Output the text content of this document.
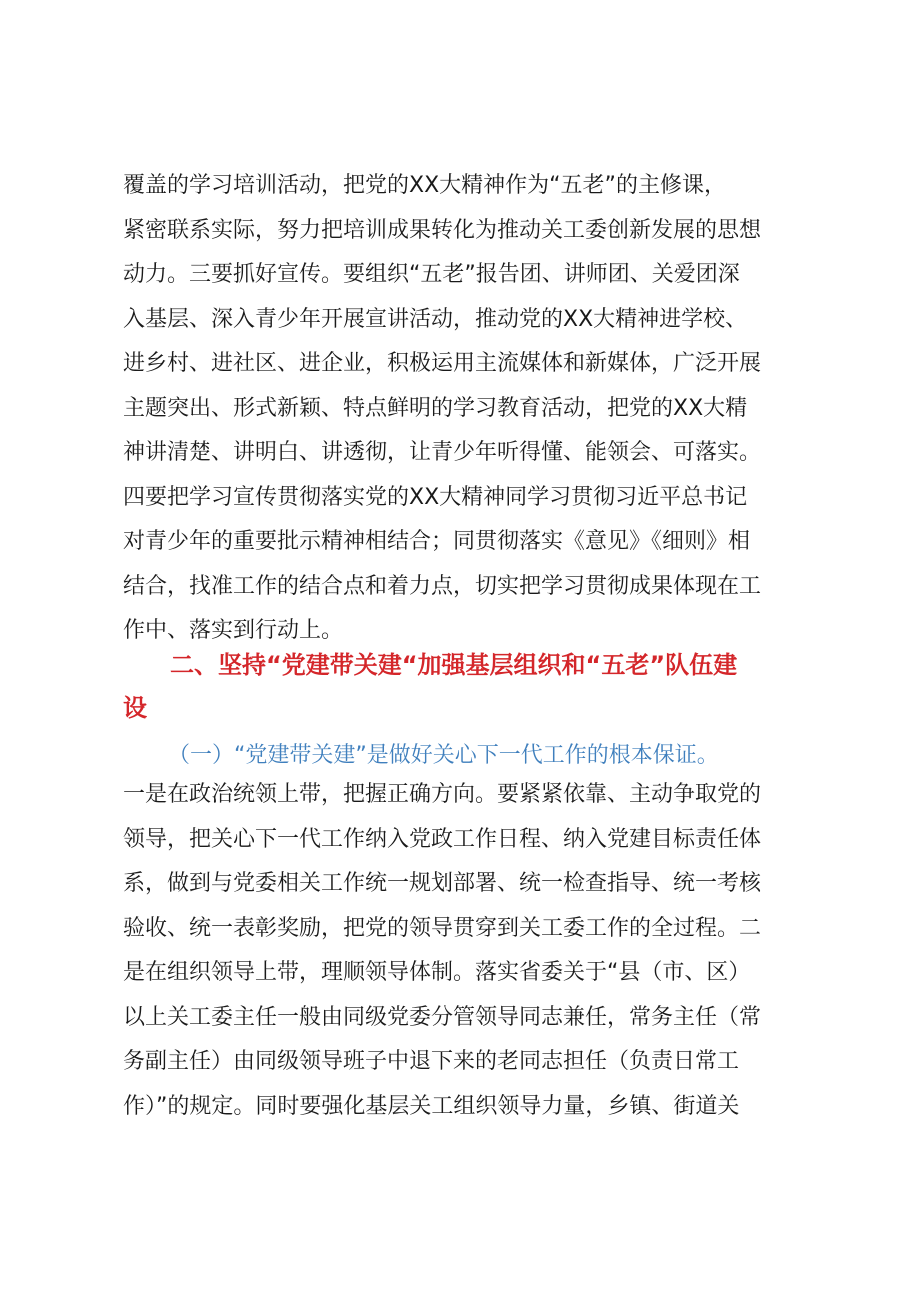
覆盖的学习培训活动，把党的XX大精神作为“五老”的主修课，
紧密联系实际，努力把培训成果转化为推动关工委创新发展的思想
动力。三要抓好宣传。要组织“五老”报告团、讲师团、关爱团深
入基层、深入青少年开展宣讲活动，推动党的XX大精神进学校、
进乡村、进社区、进企业，积极运用主流媒体和新媒体，广泛开展
主题突出、形式新颖、特点鲜明的学习教育活动，把党的XX大精
神讲清楚、讲明白、讲透彻，让青少年听得懂、能领会、可落实。
四要把学习宣传贯彻落实党的XX大精神同学习贯彻习近平总书记
对青少年的重要批示精神相结合；同贯彻落实《意见》《细则》相
结合，找准工作的结合点和着力点，切实把学习贯彻成果体现在工
作中、落实到行动上。
二、坚持“党建带关建“加强基层组织和“五老”队伍建
设
（一）“党建带关建”是做好关心下一代工作的根本保证。
一是在政治统领上带，把握正确方向。要紧紧依靠、主动争取党的
领导，把关心下一代工作纳入党政工作日程、纳入党建目标责任体
系，做到与党委相关工作统一规划部署、统一检查指导、统一考核
验收、统一表彰奖励，把党的领导贯穿到关工委工作的全过程。二
是在组织领导上带，理顺领导体制。落实省委关于“县（市、区）
以上关工委主任一般由同级党委分管领导同志兼任，常务主任（常
务副主任）由同级领导班子中退下来的老同志担任（负责日常工
作）”的规定。同时要强化基层关工组织领导力量，乡镇、街道关
